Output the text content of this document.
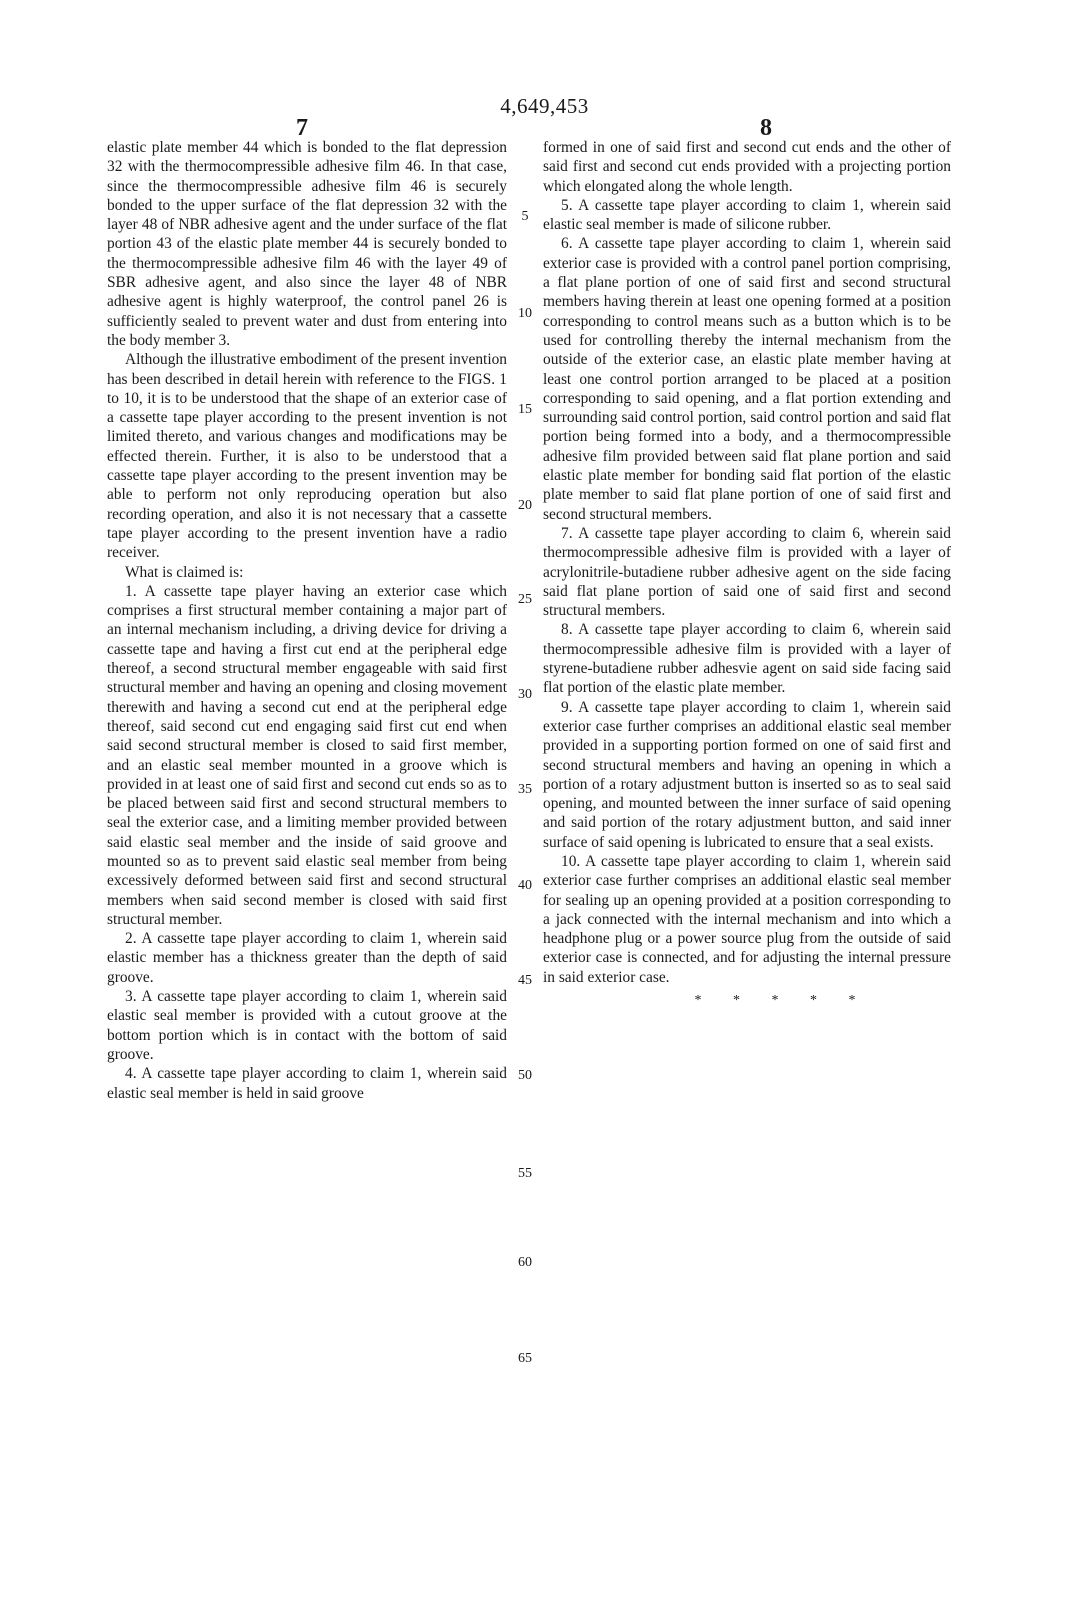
4,649,453
7	8

elastic plate member 44 which is bonded to the flat depression 32 with the thermocompressible adhesive film 46. In that case, since the thermocompressible adhesive film 46 is securely bonded to the upper surface of the flat depression 32 with the layer 48 of NBR adhesive agent and the under surface of the flat portion 43 of the elastic plate member 44 is securely bonded to the thermocompressible adhesive film 46 with the layer 49 of SBR adhesive agent, and also since the layer 48 of NBR adhesive agent is highly waterproof, the control panel 26 is sufficiently sealed to prevent water and dust from entering into the body member 3.

Although the illustrative embodiment of the present invention has been described in detail herein with reference to the FIGS. 1 to 10, it is to be understood that the shape of an exterior case of a cassette tape player according to the present invention is not limited thereto, and various changes and modifications may be effected therein. Further, it is also to be understood that a cassette tape player according to the present invention may be able to perform not only reproducing operation but also recording operation, and also it is not necessary that a cassette tape player according to the present invention have a radio receiver.

What is claimed is:

1. A cassette tape player having an exterior case which comprises a first structural member containing a major part of an internal mechanism including, a driving device for driving a cassette tape and having a first cut end at the peripheral edge thereof, a second structural member engageable with said first structural member and having an opening and closing movement therewith and having a second cut end at the peripheral edge thereof, said second cut end engaging said first cut end when said second structural member is closed to said first member, and an elastic seal member mounted in a groove which is provided in at least one of said first and second cut ends so as to be placed between said first and second structural members to seal the exterior case, and a limiting member provided between said elastic seal member and the inside of said groove and mounted so as to prevent said elastic seal member from being excessively deformed between said first and second structural members when said second member is closed with said first structural member.

2. A cassette tape player according to claim 1, wherein said elastic member has a thickness greater than the depth of said groove.

3. A cassette tape player according to claim 1, wherein said elastic seal member is provided with a cutout groove at the bottom portion which is in contact with the bottom of said groove.

4. A cassette tape player according to claim 1, wherein said elastic seal member is held in said groove

formed in one of said first and second cut ends and the other of said first and second cut ends provided with a projecting portion which elongated along the whole length.

5. A cassette tape player according to claim 1, wherein said elastic seal member is made of silicone rubber.

6. A cassette tape player according to claim 1, wherein said exterior case is provided with a control panel portion comprising, a flat plane portion of one of said first and second structural members having therein at least one opening formed at a position corresponding to control means such as a button which is to be used for controlling thereby the internal mechanism from the outside of the exterior case, an elastic plate member having at least one control portion arranged to be placed at a position corresponding to said opening, and a flat portion extending and surrounding said control portion, said control portion and said flat portion being formed into a body, and a thermocompressible adhesive film provided between said flat plane portion and said elastic plate member for bonding said flat portion of the elastic plate member to said flat plane portion of one of said first and second structural members.

7. A cassette tape player according to claim 6, wherein said thermocompressible adhesive film is provided with a layer of acrylonitrile-butadiene rubber adhesive agent on the side facing said flat plane portion of said one of said first and second structural members.

8. A cassette tape player according to claim 6, wherein said thermocompressible adhesive film is provided with a layer of styrene-butadiene rubber adhesvie agent on said side facing said flat portion of the elastic plate member.

9. A cassette tape player according to claim 1, wherein said exterior case further comprises an additional elastic seal member provided in a supporting portion formed on one of said first and second structural members and having an opening in which a portion of a rotary adjustment button is inserted so as to seal said opening, and mounted between the inner surface of said opening and said portion of the rotary adjustment button, and said inner surface of said opening is lubricated to ensure that a seal exists.

10. A cassette tape player according to claim 1, wherein said exterior case further comprises an additional elastic seal member for sealing up an opening provided at a position corresponding to a jack connected with the internal mechanism and into which a headphone plug or a power source plug from the outside of said exterior case is connected, and for adjusting the internal pressure in said exterior case.

* * * * *
5
10
15
20
25
30
35
40
45
50
55
60
65
